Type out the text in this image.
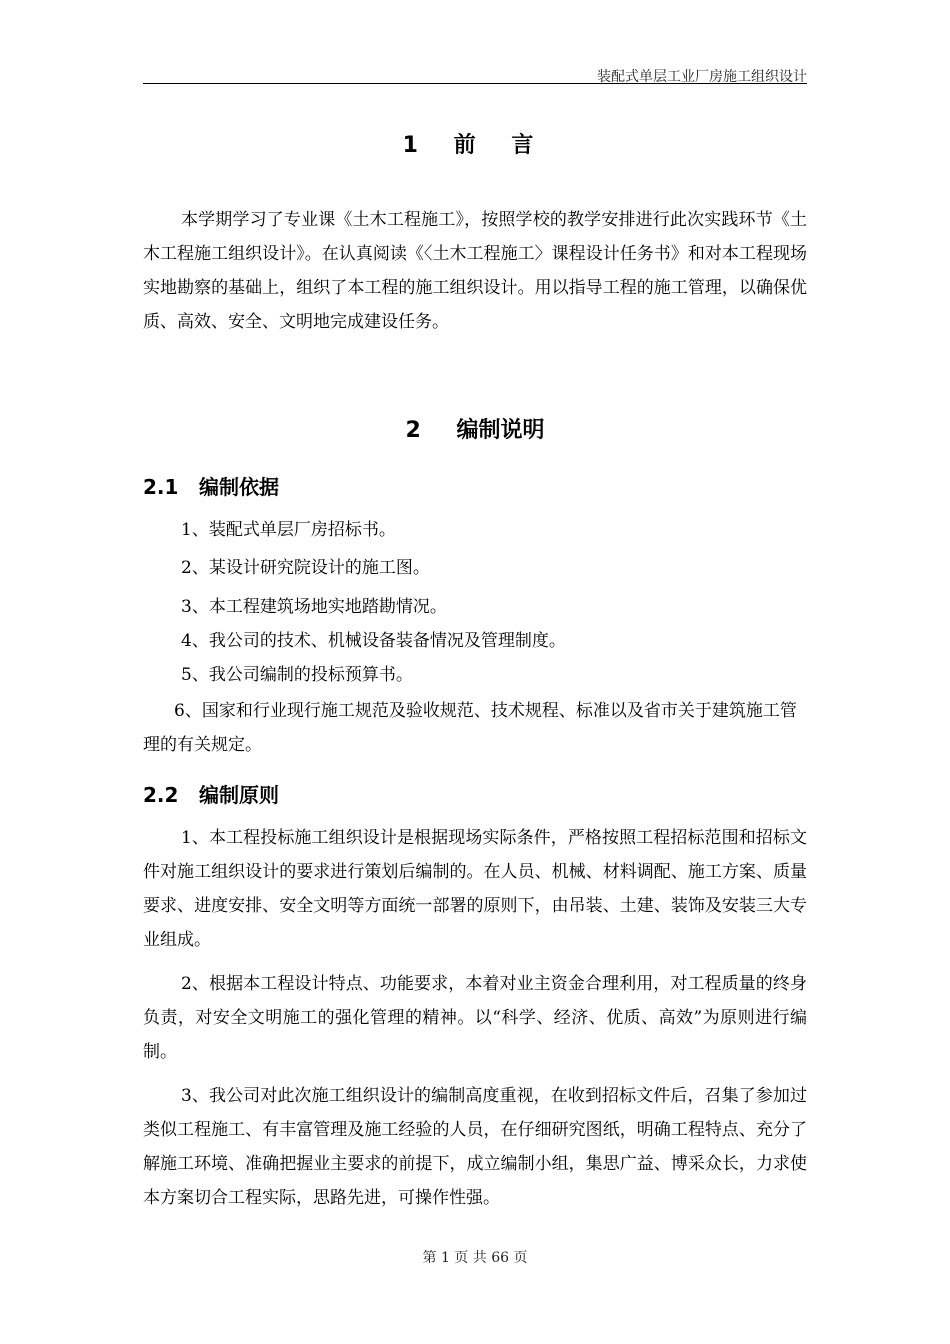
装配式单层工业厂房施工组织设计
1 前 言
本学期学习了专业课《土木工程施工》，按照学校的教学安排进行此次实践环节《土木工程施工组织设计》。在认真阅读《〈土木工程施工〉课程设计任务书》和对本工程现场实地勘察的基础上，组织了本工程的施工组织设计。用以指导工程的施工管理，以确保优质、高效、安全、文明地完成建设任务。
2 编制说明
2.1 编制依据
1、装配式单层厂房招标书。
2、某设计研究院设计的施工图。
3、本工程建筑场地实地踏勘情况。
4、我公司的技术、机械设备装备情况及管理制度。
5、我公司编制的投标预算书。
6、国家和行业现行施工规范及验收规范、技术规程、标准以及省市关于建筑施工管理的有关规定。
2.2 编制原则
1、本工程投标施工组织设计是根据现场实际条件，严格按照工程招标范围和招标文件对施工组织设计的要求进行策划后编制的。在人员、机械、材料调配、施工方案、质量要求、进度安排、安全文明等方面统一部署的原则下，由吊装、土建、装饰及安装三大专业组成。
2、根据本工程设计特点、功能要求，本着对业主资金合理利用，对工程质量的终身负责，对安全文明施工的强化管理的精神。以“科学、经济、优质、高效”为原则进行编制。
3、我公司对此次施工组织设计的编制高度重视，在收到招标文件后，召集了参加过类似工程施工、有丰富管理及施工经验的人员，在仔细研究图纸，明确工程特点、充分了解施工环境、准确把握业主要求的前提下，成立编制小组，集思广益、博采众长，力求使本方案切合工程实际，思路先进，可操作性强。
第 1 页 共 66 页
